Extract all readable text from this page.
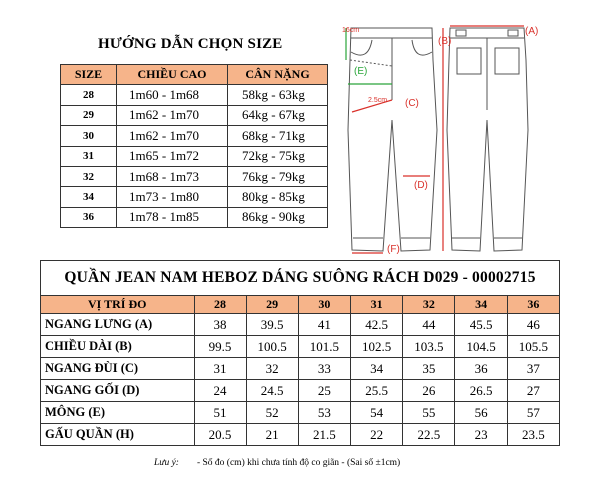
HƯỚNG DẪN CHỌN SIZE
SIZE	CHIỀU CAO	CÂN NẶNG
28	1m60 - 1m68	58kg - 63kg
29	1m62 - 1m70	64kg - 67kg
30	1m62 - 1m70	68kg - 71kg
31	1m65 - 1m72	72kg - 75kg
32	1m68 - 1m73	76kg - 79kg
34	1m73 - 1m80	80kg - 85kg
36	1m78 - 1m85	86kg - 90kg
(A)
(B)
(C)
(D)
(E)
(F)
16cm
2.5cm
QUẦN JEAN NAM HEBOZ DÁNG SUÔNG RÁCH D029 - 00002715							
VỊ TRÍ ĐO	28	29	30	31	32	34	36
NGANG LƯNG (A)	38	39.5	41	42.5	44	45.5	46
CHIỀU DÀI (B)	99.5	100.5	101.5	102.5	103.5	104.5	105.5
NGANG ĐÙI (C)	31	32	33	34	35	36	37
NGANG GỐI (D)	24	24.5	25	25.5	26	26.5	27
MÔNG (E)	51	52	53	54	55	56	57
GẤU QUẦN (H)	20.5	21	21.5	22	22.5	23	23.5
Lưu ý: - Số đo (cm) khi chưa tính độ co giãn - (Sai số ±1cm)
